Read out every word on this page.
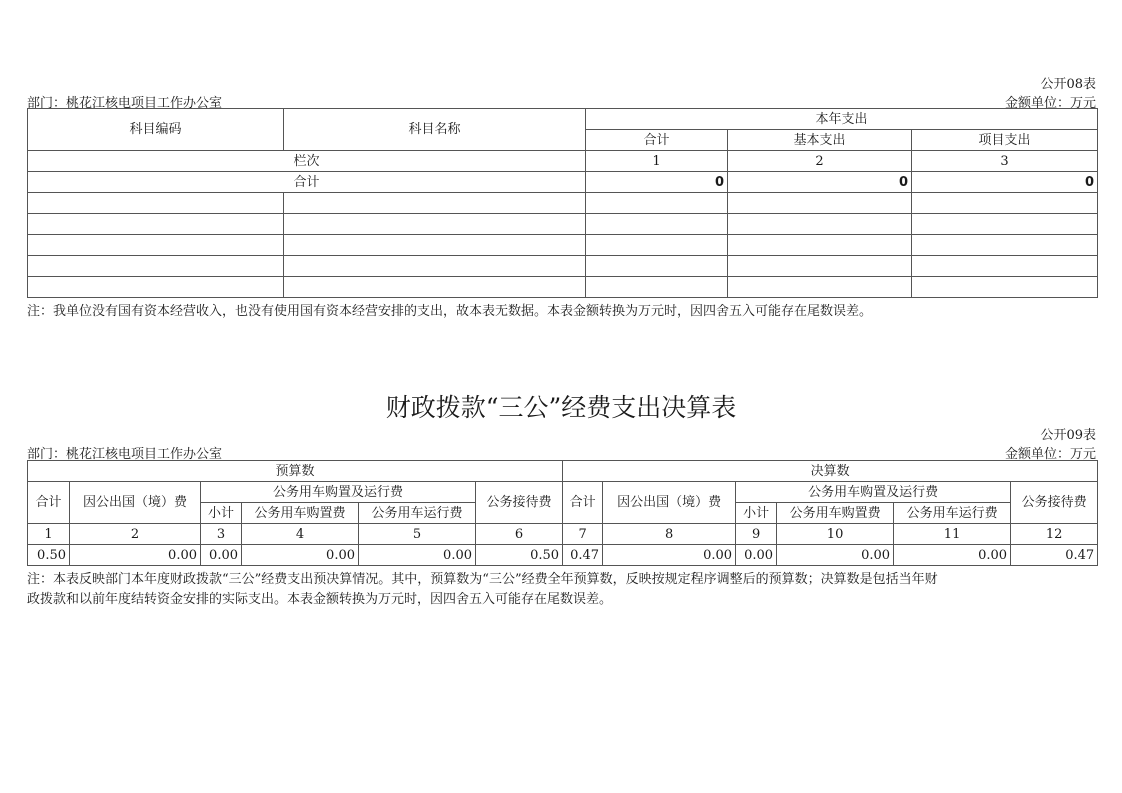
公开08表
部门：桃花江核电项目工作办公室	金额单位：万元
科目编码	科目名称	本年支出		
		合计	基本支出	项目支出
栏次		1	2	3
合计		0	0	0

注：我单位没有国有资本经营收入，也没有使用国有资本经营安排的支出，故本表无数据。本表金额转换为万元时，因四舍五入可能存在尾数误差。
财政拨款“三公”经费支出决算表
公开09表
部门：桃花江核电项目工作办公室	金额单位：万元
预算数						决算数					
合计	因公出国（境）费	公务用车购置及运行费			公务接待费	合计	因公出国（境）费	公务用车购置及运行费			公务接待费
		小计	公务用车购置费	公务用车运行费				小计	公务用车购置费	公务用车运行费	
1	2	3	4	5	6	7	8	9	10	11	12
0.50	0.00	0.00	0.00	0.00	0.50	0.47	0.00	0.00	0.00	0.00	0.47
注：本表反映部门本年度财政拨款“三公”经费支出预决算情况。其中，预算数为“三公”经费全年预算数，反映按规定程序调整后的预算数；决算数是包括当年财
政拨款和以前年度结转资金安排的实际支出。本表金额转换为万元时，因四舍五入可能存在尾数误差。
